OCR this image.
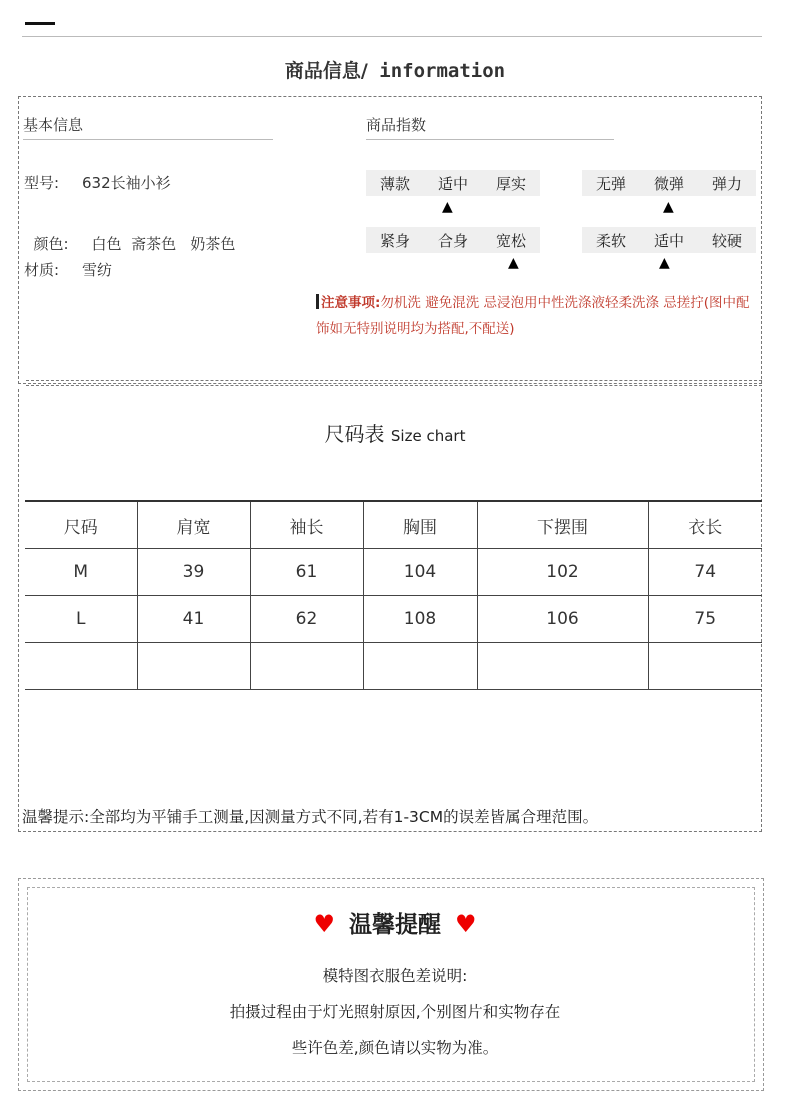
商品信息/ information
基本信息
型号: 632长袖小衫

颜色: 白色  斋茶色   奶茶色

材质: 雪纺
商品指数
薄款 适中 厚实
▲
无弹 微弹 弹力
▲
紧身 合身 宽松
▲
柔软 适中 较硬
▲
注意事项:勿机洗 避免混洗 忌浸泡用中性洗涤液轻柔洗涤 忌搓拧(图中配饰如无特别说明均为搭配,不配送)
尺码表 Size chart
尺码	肩宽	袖长	胸围	下摆围	衣长
M	39	61	104	102	74
L	41	62	108	106	75

温馨提示:全部均为平铺手工测量,因测量方式不同,若有1-3CM的误差皆属合理范围。
♥ 温馨提醒 ♥
模特图衣服色差说明:
拍摄过程由于灯光照射原因,个别图片和实物存在
些许色差,颜色请以实物为准。
